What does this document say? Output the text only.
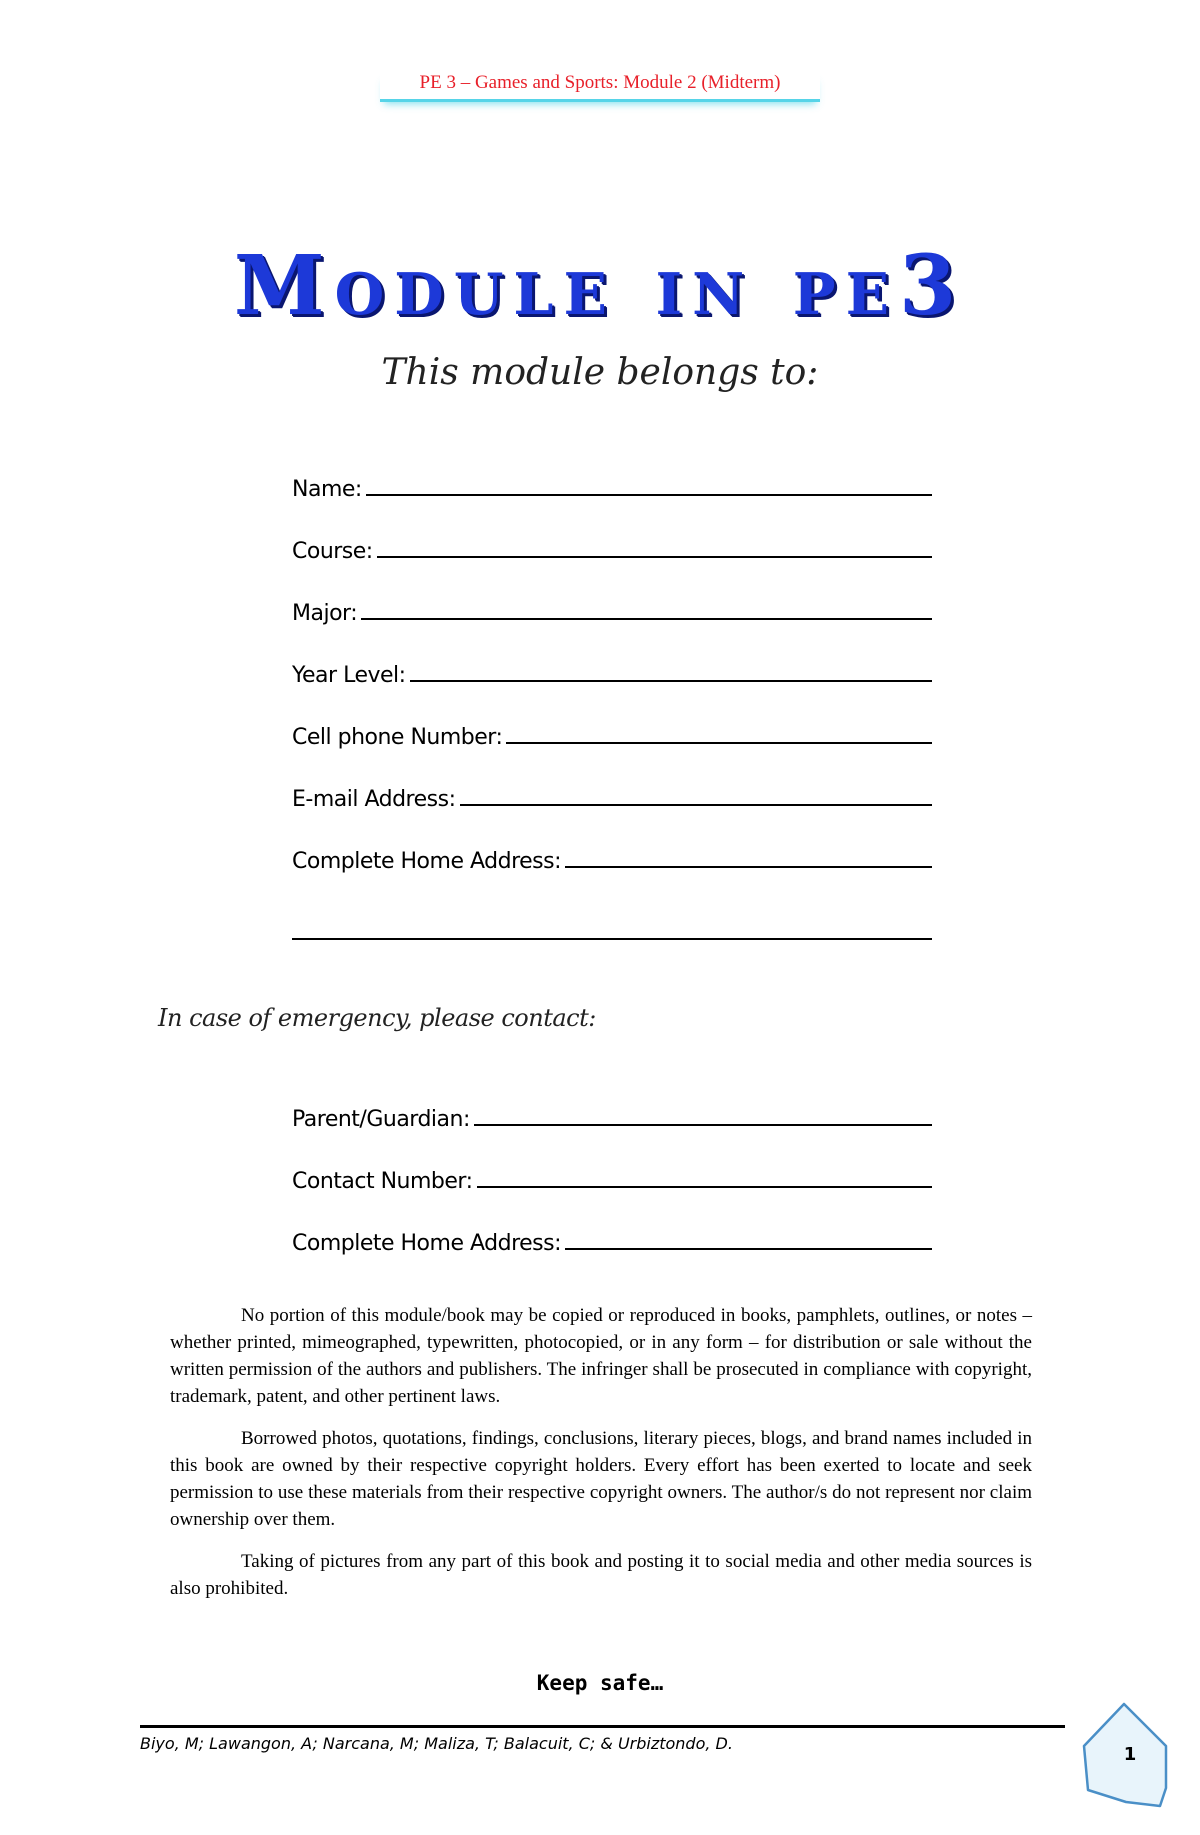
PE 3 – Games and Sports: Module 2 (Midterm)
Module in pe3
This module belongs to:
Name:
Course:
Major:
Year Level:
Cell phone Number:
E-mail Address:
Complete Home Address:
In case of emergency, please contact:
Parent/Guardian:
Contact Number:
Complete Home Address:

No portion of this module/book may be copied or reproduced in books, pamphlets, outlines, or notes – whether printed, mimeographed, typewritten, photocopied, or in any form – for distribution or sale without the written permission of the authors and publishers. The infringer shall be prosecuted in compliance with copyright, trademark, patent, and other pertinent laws.

Borrowed photos, quotations, findings, conclusions, literary pieces, blogs, and brand names included in this book are owned by their respective copyright holders. Every effort has been exerted to locate and seek permission to use these materials from their respective copyright owners. The author/s do not represent nor claim ownership over them.

Taking of pictures from any part of this book and posting it to social media and other media sources is also prohibited.

Keep safe…
Biyo, M; Lawangon, A; Narcana, M; Maliza, T; Balacuit, C; & Urbiztondo, D.
1
